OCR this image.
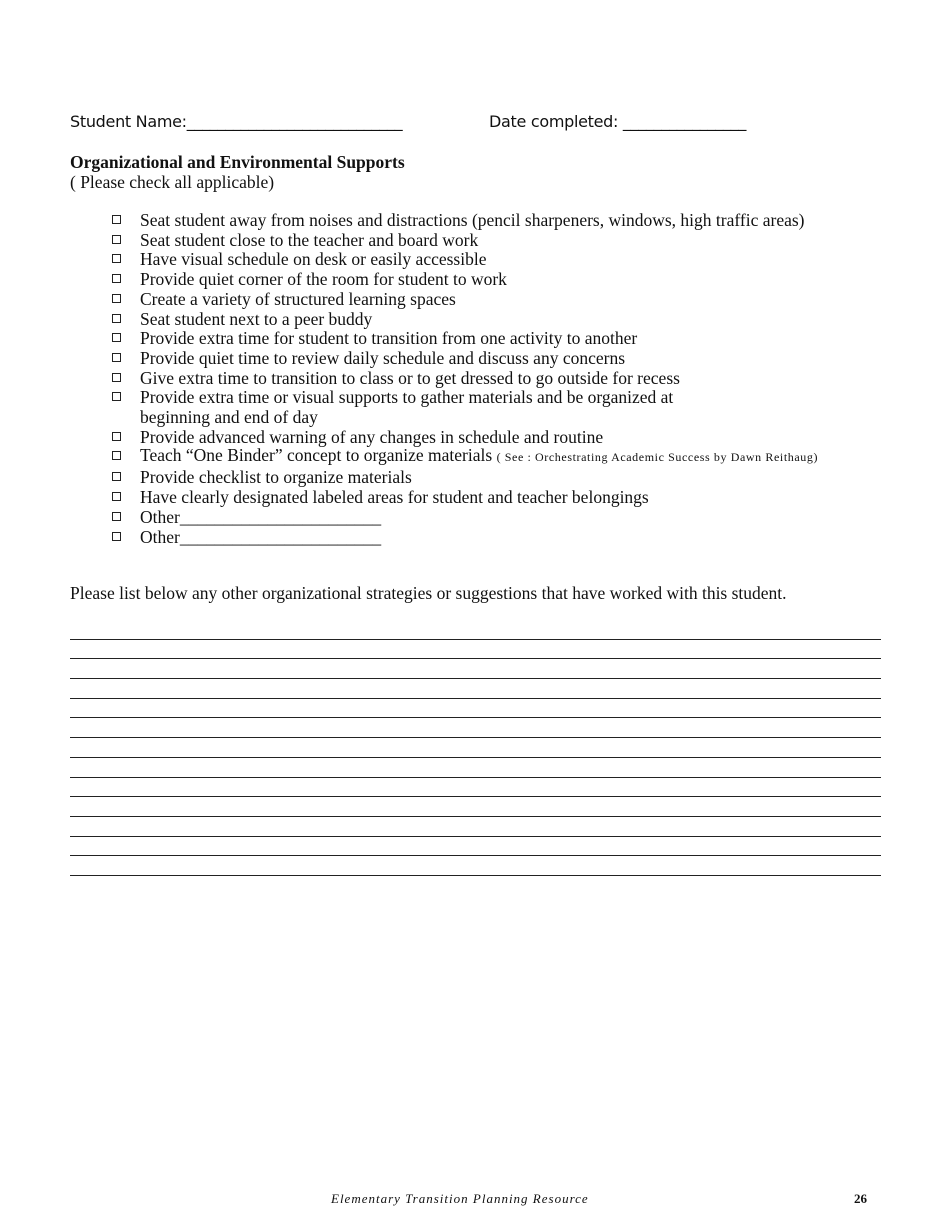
Student Name:____________________________	Date completed: ________________
Organizational and Environmental Supports
( Please check all applicable)
Seat student away from noises and distractions (pencil sharpeners, windows, high traffic areas)
Seat student close to the teacher and board work
Have visual schedule on desk or easily accessible
Provide quiet corner of the room for student to work
Create a variety of structured learning spaces
Seat student next to a peer buddy
Provide extra time for student to transition from one activity to another
Provide quiet time to review daily schedule and discuss any concerns
Give extra time to transition to class or to get dressed to go outside for recess
Provide extra time or visual supports to gather materials and be organized at beginning and end of day
Provide advanced warning of any changes in schedule and routine
Teach “One Binder” concept to organize materials ( See : Orchestrating Academic Success by Dawn Reithaug)
Provide checklist to organize materials
Have clearly designated labeled areas for student and teacher belongings
Other_______________________
Other_______________________
Please list below any other organizational strategies or suggestions that have worked with this student.
Elementary Transition Planning Resource	26
